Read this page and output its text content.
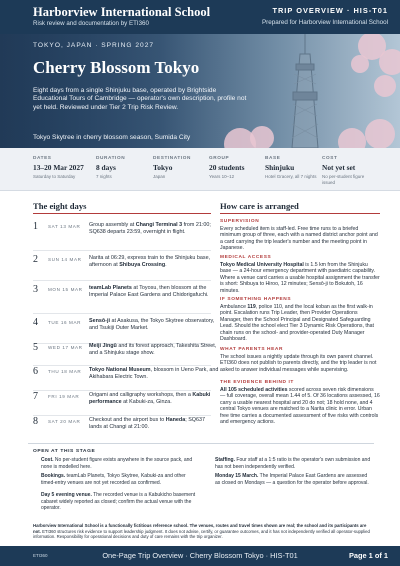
Harborview International School
Risk review and documentation by ETI360
TRIP OVERVIEW · HIS-T01
Prepared for Harborview International School
TOKYO, JAPAN · SPRING 2027
Cherry Blossom Tokyo
Eight days from a single Shinjuku base, operated by Brightside Educational Tours of Cambridge — operator's own description, profile not yet held. Reviewed under Tier 2 Trip Risk Review.
Tokyo Skytree in cherry blossom season, Sumida City
DATES
13–20 Mar 2027
Saturday to Saturday
DURATION
8 days
7 nights
DESTINATION
Tokyo
Japan
GROUP
20 students
Years 10–12
BASE
Shinjuku
Hotel Gracery, all 7 nights
COST
Not yet set
No per-student figure issued
The eight days
1 SAT 13 MAR Group assembly at Changi Terminal 3 from 21:00; SQ638 departs 23:59, overnight in flight.
2 SUN 14 MAR Narita at 06:29, express train to the Shinjuku base, afternoon at Shibuya Crossing.
3 MON 15 MAR teamLab Planets at Toyosu, then blossom at the Imperial Palace East Gardens and Chidorigafuchi.
4 TUE 16 MAR Sensō-ji at Asakusa, the Tokyo Skytree observatory, and Tsukiji Outer Market.
5 WED 17 MAR Meiji Jingū and its forest approach, Takeshita Street, and a Shinjuku stage show.
6 THU 18 MAR Tokyo National Museum, blossom in Ueno Park, and Akihabara Electric Town.
7 FRI 19 MAR Origami and calligraphy workshops, then a Kabuki performance at Kabuki-za, Ginza.
8 SAT 20 MAR Checkout and the airport bus to Haneda; SQ637 lands at Changi at 21:00.
How care is arranged
SUPERVISION
Every scheduled item is staff-led. Free time runs to a briefed minimum group of three, each with a named district anchor point and a card carrying the trip leader's number and the meeting point in Japanese.
MEDICAL ACCESS
Tokyo Medical University Hospital is 1.5 km from the Shinjuku base — a 24-hour emergency department with paediatric capability. Where a venue card carries a usable hospital assignment the transfer is short: Shibuya to Hiroo, 12 minutes; Sensō-ji to Bokutoh, 16 minutes.
IF SOMETHING HAPPENS
Ambulance 119, police 110, and the local koban as the first walk-in point. Escalation runs Trip Leader, then Provider Operations Manager, then the School Principal and Designated Safeguarding Lead. Should the school elect Tier 3 Dynamic Risk Operations, that chain runs on the school- and provider-operated Duty Manager Dashboard.
WHAT PARENTS HEAR
The school issues a nightly update through its own parent channel. ETI360 does not publish to parents directly, and the trip leader is not asked to answer individual messages while supervising.
THE EVIDENCE BEHIND IT
All 105 scheduled activities scored across seven risk dimensions — full coverage, overall mean 1.44 of 5. Of 36 locations assessed, 16 carry a usable nearest hospital and 20 do not; 18 hold none, and 4 central Tokyo venues are matched to a Narita clinic in error. Urban free time carries a documented assessment of five risks with controls and emergency actions.
OPEN AT THIS STAGE
Cost. No per-student figure exists anywhere in the source pack, and none is modelled here.
Bookings. teamLab Planets, Tokyo Skytree, Kabuki-za and other timed-entry venues are not yet recorded as confirmed.
Day 5 evening venue. The recorded venue is a Kabukicho basement cabaret widely reported as closed; confirm the actual venue with the operator.
Staffing. Four staff at a 1:5 ratio is the operator's own submission and has not been independently verified.
Monday 15 March. The Imperial Palace East Gardens are assessed as closed on Mondays — a question for the operator before approval.
Harborview International School is a functionally fictitious reference school. The venues, routes and travel times shown are real; the school and its participants are not. ETI360 structures risk evidence to support leadership judgment. It does not advise, certify, or guarantee outcomes, and it has not independently verified all operator-supplied information. Responsibility for operational decisions and duty of care remains with the trip organizer.
ETI360	One-Page Trip Overview · Cherry Blossom Tokyo · HIS-T01	Page 1 of 1
